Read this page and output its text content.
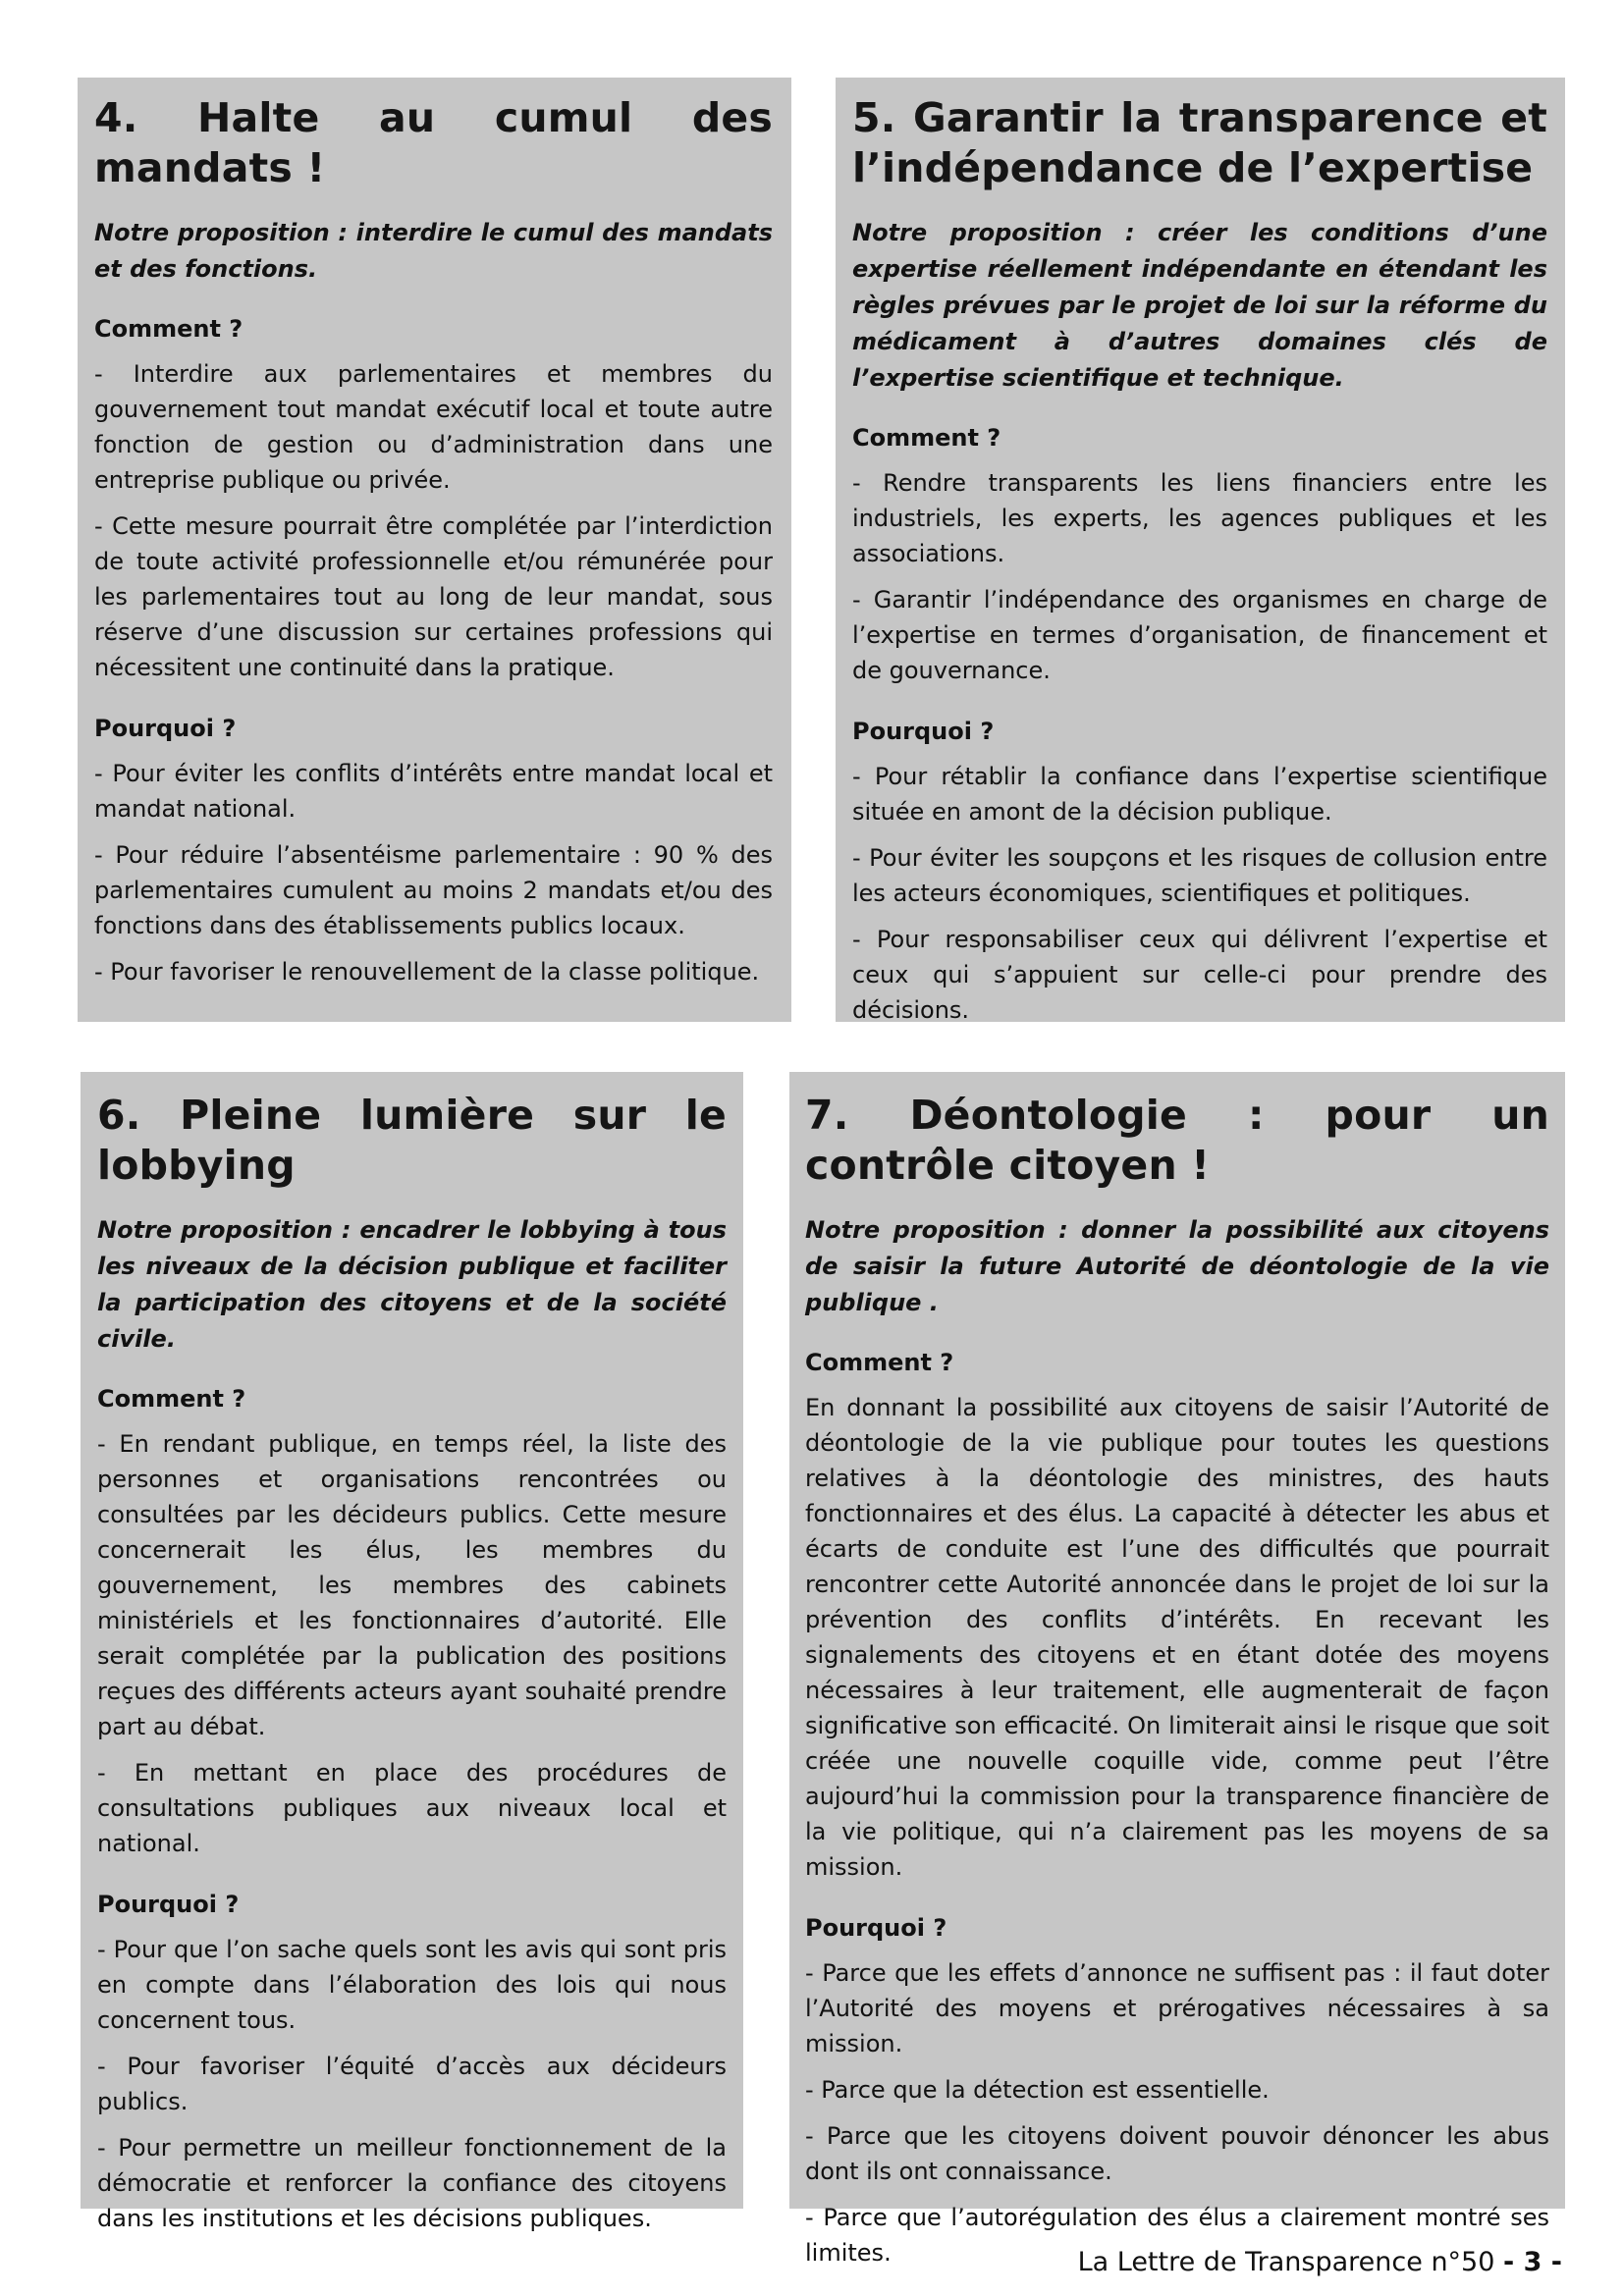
4. Halte au cumul des mandats !

Notre proposition : interdire le cumul des mandats et des fonctions.

Comment ?

- Interdire aux parlementaires et membres du gouvernement tout mandat exécutif local et toute autre fonction de gestion ou d’administration dans une entreprise publique ou privée.

- Cette mesure pourrait être complétée par l’interdiction de toute activité professionnelle et/ou rémunérée pour les parlementaires tout au long de leur mandat, sous réserve d’une discussion sur certaines professions qui nécessitent une continuité dans la pratique.

Pourquoi ?

- Pour éviter les conflits d’intérêts entre mandat local et mandat national.

- Pour réduire l’absentéisme parlementaire : 90 % des parlementaires cumulent au moins 2 mandats et/ou des fonctions dans des établissements publics locaux.

- Pour favoriser le renouvellement de la classe politique.

5. Garantir la transparence et l’indépendance de l’expertise

Notre proposition : créer les conditions d’une expertise réellement indépendante en étendant les règles prévues par le projet de loi sur la réforme du médicament à d’autres domaines clés de l’expertise scientifique et technique.

Comment ?

- Rendre transparents les liens financiers entre les industriels, les experts, les agences publiques et les associations.

- Garantir l’indépendance des organismes en charge de l’expertise en termes d’organisation, de financement et de gouvernance.

Pourquoi ?

- Pour rétablir la confiance dans l’expertise scientifique située en amont de la décision publique.

- Pour éviter les soupçons et les risques de collusion entre les acteurs économiques, scientifiques et politiques.

- Pour responsabiliser ceux qui délivrent l’expertise et ceux qui s’appuient sur celle-ci pour prendre des décisions.

6. Pleine lumière sur le lobbying

Notre proposition : encadrer le lobbying à tous les niveaux de la décision publique et faciliter la participation des citoyens et de la société civile.

Comment ?

- En rendant publique, en temps réel, la liste des personnes et organisations rencontrées ou consultées par les décideurs publics. Cette mesure concernerait les élus, les membres du gouvernement, les membres des cabinets ministériels et les fonctionnaires d’autorité. Elle serait complétée par la publication des positions reçues des différents acteurs ayant souhaité prendre part au débat.

- En mettant en place des procédures de consultations publiques aux niveaux local et national.

Pourquoi ?

- Pour que l’on sache quels sont les avis qui sont pris en compte dans l’élaboration des lois qui nous concernent tous.

- Pour favoriser l’équité d’accès aux décideurs publics.

- Pour permettre un meilleur fonctionnement de la démocratie et renforcer la confiance des citoyens dans les institutions et les décisions publiques.

7. Déontologie : pour un contrôle citoyen !

Notre proposition : donner la possibilité aux citoyens de saisir la future Autorité de déontologie de la vie publique .

Comment ?

En donnant la possibilité aux citoyens de saisir l’Autorité de déontologie de la vie publique pour toutes les questions relatives à la déontologie des ministres, des hauts fonctionnaires et des élus. La capacité à détecter les abus et écarts de conduite est l’une des difficultés que pourrait rencontrer cette Autorité annoncée dans le projet de loi sur la prévention des conflits d’intérêts. En recevant les signalements des citoyens et en étant dotée des moyens nécessaires à leur traitement, elle augmenterait de façon significative son efficacité. On limiterait ainsi le risque que soit créée une nouvelle coquille vide, comme peut l’être aujourd’hui la commission pour la transparence financière de la vie politique, qui n’a clairement pas les moyens de sa mission.

Pourquoi ?

- Parce que les effets d’annonce ne suffisent pas : il faut doter l’Autorité des moyens et prérogatives nécessaires à sa mission.

- Parce que la détection est essentielle.

- Parce que les citoyens doivent pouvoir dénoncer les abus dont ils ont connaissance.

- Parce que l’autorégulation des élus a clairement montré ses limites.	La Lettre de Transparence n°50 - 3 -
